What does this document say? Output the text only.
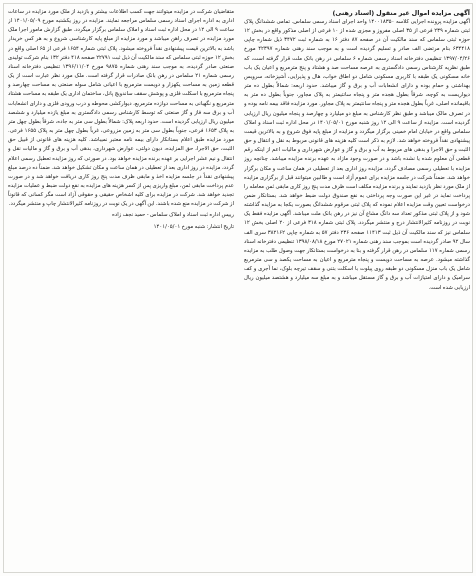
آگهی مزایده اموال غیر منقول (اسناد رهنی)

آگهی مزایده پرونده اجرایی کلاسه ۱۴۰۰۱۸۳۵۰ واحد اجرای اسناد رسمی سلماس. تمامی ششدانگ پلاک ثبتی شماره ۲۳۹ فرعی از ۳۵ اصلی مفروز و مجزی شده از ۱۰ فرعی از اصلی مذکور واقع در بخش ۱۲ حوزه ثبتی سلماس که سند مالکیت آن در صفحه ۸۷ دفتر ۱۶ به شماره ثبت ۳۴۷۲ ذیل شماره چاپی ۶۳۴۴۱۸ بنام مرتضی الف صادر و تسلیم گردیده است و به موجب سند رهنی شماره ۴۲۳۹۷ مورخ ۱۳۹۷/۰۴/۲۶ تنظیمی دفترخانه اسناد رسمی شماره ۶ سلماس در رهن بانک ملت قرار گرفته است، که طبق نظریه کارشناس رسمی دادگستری به عرصه مساحت صد و هشتاد و پنج مترمربع و اعیان یک باب خانه مسکونی یک طبقه با کاربری مسکونی شامل دو اطاق خواب، هال و پذیرایی، آشپزخانه، سرویس بهداشتی و حمام بوده و دارای انشعابات آب و برق و گاز میباشد. حدود اربعه: شمالاً بطول ده متر دیواریست به کوچه، شرقاً بطول هجده متر و پنجاه سانتیمتر به پلاک مجاور، جنوباً بطول ده متر به باقیمانده اصلی، غرباً بطول هجده متر و پنجاه سانتیمتر به پلاک مجاور. مورد مزایده فاقد بیمه نامه بوده و در تصرف مالک میباشد و طبق نظر کارشناس به مبلغ دو میلیارد و چهارصد و پنجاه میلیون ریال ارزیابی گردیده است. مزایده از ساعت ۹ الی ۱۲ روز شنبه مورخ ۱۴۰۱/۰۵/۰۱ در محل اداره ثبت اسناد و املاک سلماس واقع در خیابان امام خمینی برگزار میگردد و مزایده از مبلغ پایه فوق شروع و به بالاترین قیمت پیشنهادی نقداً فروخته خواهد شد. لازم به ذکر است کلیه هزینه های قانونی مربوط به نقل و انتقال و حق الثبت و حق الاجرا و بدهی های مربوط به آب و برق و گاز و عوارض شهرداری و مالیات اعم از اینکه رقم قطعی آن معلوم شده یا نشده باشد و در صورت وجود مازاد به عهده برنده مزایده میباشد. چنانچه روز مزایده با تعطیلی رسمی مصادف گردد، مزایده روز اداری بعد از تعطیلی در همان ساعت و مکان برگزار خواهد شد. ضمناً شرکت در جلسه مزایده برای عموم آزاد است و طالبین میتوانند قبل از برگزاری مزایده از ملک مورد نظر بازدید نمایند و برنده مزایده مکلف است ظرف مدت پنج روز کاری مابقی ثمن معامله را پرداخت نماید در غیر این صورت وجه پرداختی به نفع صندوق دولت ضبط خواهد شد. بستانکار ضمن درخواست تعیین وقت مزایده اعلام نموده که پلاک ثبتی مرقوم ششدانگ بصورت یکجا به مزایده گذاشته شود و از پلاک ثبتی مذکور تعداد سه دانگ مشاع آن نیز در رهن بانک ملت میباشد. آگهی مزایده فقط یک نوبت در روزنامه کثیرالانتشار درج و منتشر میگردد. پلاک ثبتی شماره ۳۱۸ فرعی از ۲۰ اصلی بخش ۱۲ سلماس نیز که سند مالکیت آن ذیل ثبت ۱۱۴۱۳ صفحه ۲۳۶ دفتر ۵۷ به شماره چاپی ۳۸۲۱۶۲ سری الف سال ۹۲ صادر گردیده است بموجب سند رهنی شماره ۲۷۰۲۱ مورخ ۱۳۹۸/۰۸/۱۸ تنظیمی دفترخانه اسناد رسمی شماره ۱۱۷ سلماس در رهن قرار گرفته و بنا به درخواست بستانکار جهت وصول طلب به مزایده گذاشته میشود. عرصه به مساحت دویست و پنجاه مترمربع و اعیان به مساحت یکصد و سی مترمربع شامل یک باب منزل مسکونی دو طبقه روی پیلوت با اسکلت بتنی و سقف تیرچه بلوک، نما آجری و کف سرامیک و دارای امتیازات آب و برق و گاز مستقل میباشد و به مبلغ سه میلیارد و هشتصد میلیون ریال ارزیابی شده است.

متقاضیان شرکت در مزایده میتوانند جهت کسب اطلاعات بیشتر و بازدید از ملک مورد مزایده در ساعات اداری به اداره اجرای اسناد رسمی سلماس مراجعه نمایند. مزایده در روز یکشنبه مورخ ۱۴۰۱/۰۵/۰۹ از ساعت ۹ الی ۱۲ در محل اداره ثبت اسناد و املاک سلماس برگزار میگردد. طبق گزارش مامور اجرا ملک مورد مزایده در تصرف راهن میباشد و مورد مزایده از مبلغ پایه کارشناسی شروع و به هر کس خریدار باشد به بالاترین قیمت پیشنهادی نقداً فروخته میشود. پلاک ثبتی شماره ۱۶۵۴ فرعی از ۶۵ اصلی واقع در بخش ۱۲ حوزه ثبتی سلماس که سند مالکیت آن ذیل ثبت ۲۲۷۹۱ صفحه ۴۱۸ دفتر ۱۳۲ بنام شرکت تولیدی صنعتی صادر گردیده، به موجب سند رهنی شماره ۹۸۷۵ مورخ ۱۳۹۶/۱۱/۰۴ تنظیمی دفترخانه اسناد رسمی شماره ۲۱ سلماس در رهن بانک صادرات قرار گرفته است. ملک مورد نظر عبارت است از یک قطعه زمین به مساحت یکهزار و دویست مترمربع با اعیانی شامل سوله صنعتی به مساحت چهارصد و پنجاه مترمربع با اسکلت فلزی و پوشش سقف ساندویچ پانل، ساختمان اداری یک طبقه به مساحت هشتاد مترمربع و نگهبانی به مساحت دوازده مترمربع، دیوارکشی محوطه و درب ورودی فلزی و دارای انشعابات آب و برق سه فاز و گاز صنعتی که توسط کارشناس رسمی دادگستری به مبلغ یازده میلیارد و ششصد میلیون ریال ارزیابی گردیده است. حدود اربعه پلاک: شمالاً بطول سی متر به جاده، شرقاً بطول چهل متر به پلاک ۱۶۵۳ فرعی، جنوباً بطول سی متر به زمین مزروعی، غرباً بطول چهل متر به پلاک ۱۶۵۵ فرعی. مورد مزایده طبق اعلام بستانکار دارای بیمه نامه معتبر نمیباشد. کلیه هزینه های قانونی از قبیل حق الثبت، حق الاجرا، حق المزایده، دیون دولتی، عوارض شهرداری، بدهی آب و برق و گاز و مالیات نقل و انتقال و نیم عشر اجرایی بر عهده برنده مزایده خواهد بود. در صورتی که روز مزایده تعطیل رسمی اعلام گردد، مزایده در روز اداری بعد از تعطیلی در همان ساعت و مکان تشکیل خواهد شد. ضمناً ده درصد مبلغ پیشنهادی نقداً در جلسه مزایده اخذ و مابقی ظرف مدت پنج روز کاری دریافت خواهد شد و در صورت عدم پرداخت مابقی ثمن، مبلغ واریزی پس از کسر هزینه های مزایده به نفع دولت ضبط و عملیات مزایده تجدید خواهد شد. شرکت در مزایده برای کلیه اشخاص حقیقی و حقوقی آزاد است مگر کسانی که قانوناً از شرکت در مزایده منع شده باشند. این آگهی در یک نوبت در روزنامه کثیرالانتشار چاپ و منتشر میگردد.

رییس اداره ثبت اسناد و املاک سلماس - حمید نجف زاده

تاریخ انتشار: شنبه مورخ ۱۴۰۱/۰۵/۰۱
